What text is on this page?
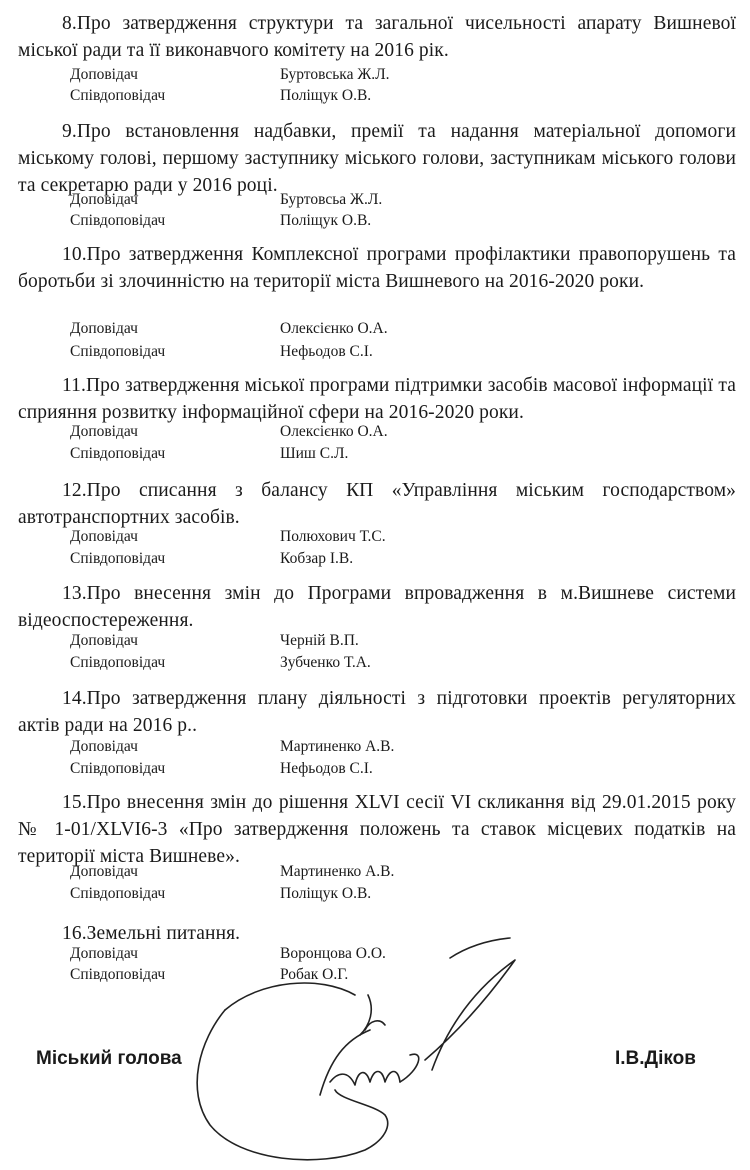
8.Про затвердження структури та загальної чисельності апарату Вишневої міської ради та її виконавчого комітету на 2016 рік.
Доповідач	Буртовська Ж.Л.
Співдоповідач	Поліщук О.В.
9.Про встановлення надбавки, премії та надання матеріальної допомоги міському голові, першому заступнику міського голови, заступникам міського голови та секретарю ради у 2016 році.
Доповідач	Буртовсьа Ж.Л.
Співдоповідач	Поліщук О.В.
10.Про затвердження Комплексної програми профілактики правопорушень та боротьби зі злочинністю на території міста Вишневого на 2016-2020 роки.
Доповідач	Олексієнко О.А.
Співдоповідач	Нефьодов С.І.
11.Про затвердження міської програми підтримки засобів масової інформації та сприяння розвитку інформаційної сфери на 2016-2020 роки.
Доповідач	Олексієнко О.А.
Співдоповідач	Шиш С.Л.
12.Про списання з балансу КП «Управління міським господарством» автотранспортних засобів.
Доповідач	Полюхович Т.С.
Співдоповідач	Кобзар І.В.
13.Про внесення змін до Програми впровадження в м.Вишневе системи відеоспостереження.
Доповідач	Черній В.П.
Співдоповідач	Зубченко Т.А.
14.Про затвердження плану діяльності з підготовки проектів регуляторних актів ради на 2016 р..
Доповідач	Мартиненко А.В.
Співдоповідач	Нефьодов С.І.
15.Про внесення змін до рішення XLVI сесії VI скликання від 29.01.2015 року № 1-01/XLVI6-3 «Про затвердження положень та ставок місцевих податків на території міста Вишневе».
Доповідач	Мартиненко А.В.
Співдоповідач	Поліщук О.В.
16.Земельні питання.
Доповідач	Воронцова О.О.
Співдоповідач	Робак О.Г.
Міський голова	І.В.Діков
